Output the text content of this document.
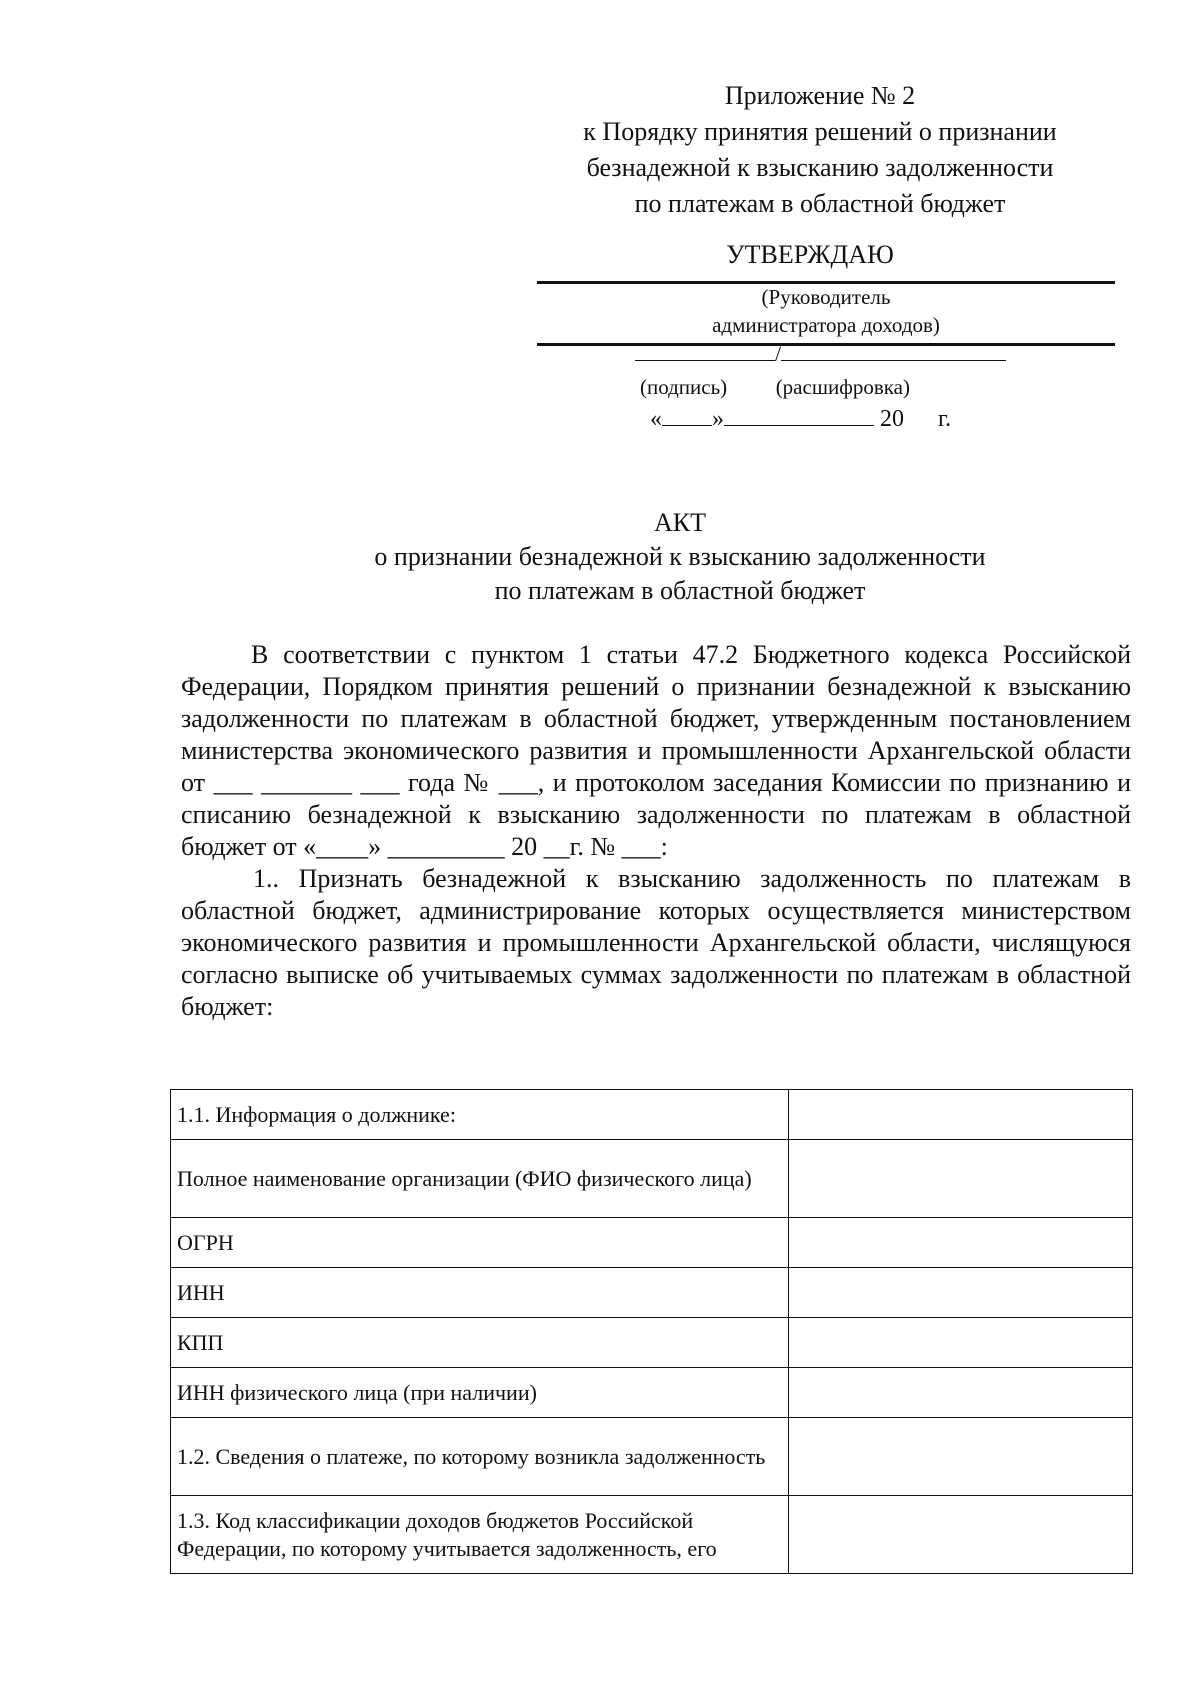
Приложение № 2
к Порядку принятия решений о признании
безнадежной к взысканию задолженности
по платежам в областной бюджет
УТВЕРЖДАЮ
(Руководитель
администратора доходов)
/
(подпись) (расшифровка)
« »	20 г.
АКТ
о признании безнадежной к взысканию задолженности
по платежам в областной бюджет

В соответствии с пунктом 1 статьи 47.2 Бюджетного кодекса Российской Федерации, Порядком принятия решений о признании безнадежной к взысканию задолженности по платежам в областной бюджет, утвержденным постановлением министерства экономического развития и промышленности Архангельской области от ___ _______ ___ года № ___, и протоколом заседания Комиссии по признанию и списанию безнадежной к взысканию задолженности по платежам в областной бюджет от «____» _________ 20 __г. № ___:

1.. Признать безнадежной к взысканию задолженность по платежам в областной бюджет, администрирование которых осуществляется министерством экономического развития и промышленности Архангельской области, числящуюся согласно выписке об учитываемых суммах задолженности по платежам в областной бюджет:

1.1. Информация о должнике:	
Полное наименование организации (ФИО физического лица)	
ОГРН	
ИНН	
КПП	
ИНН физического лица (при наличии)	
1.2. Сведения о платеже, по которому возникла задолженность	
1.3. Код классификации доходов бюджетов Российской Федерации, по которому учитывается задолженность, его	
